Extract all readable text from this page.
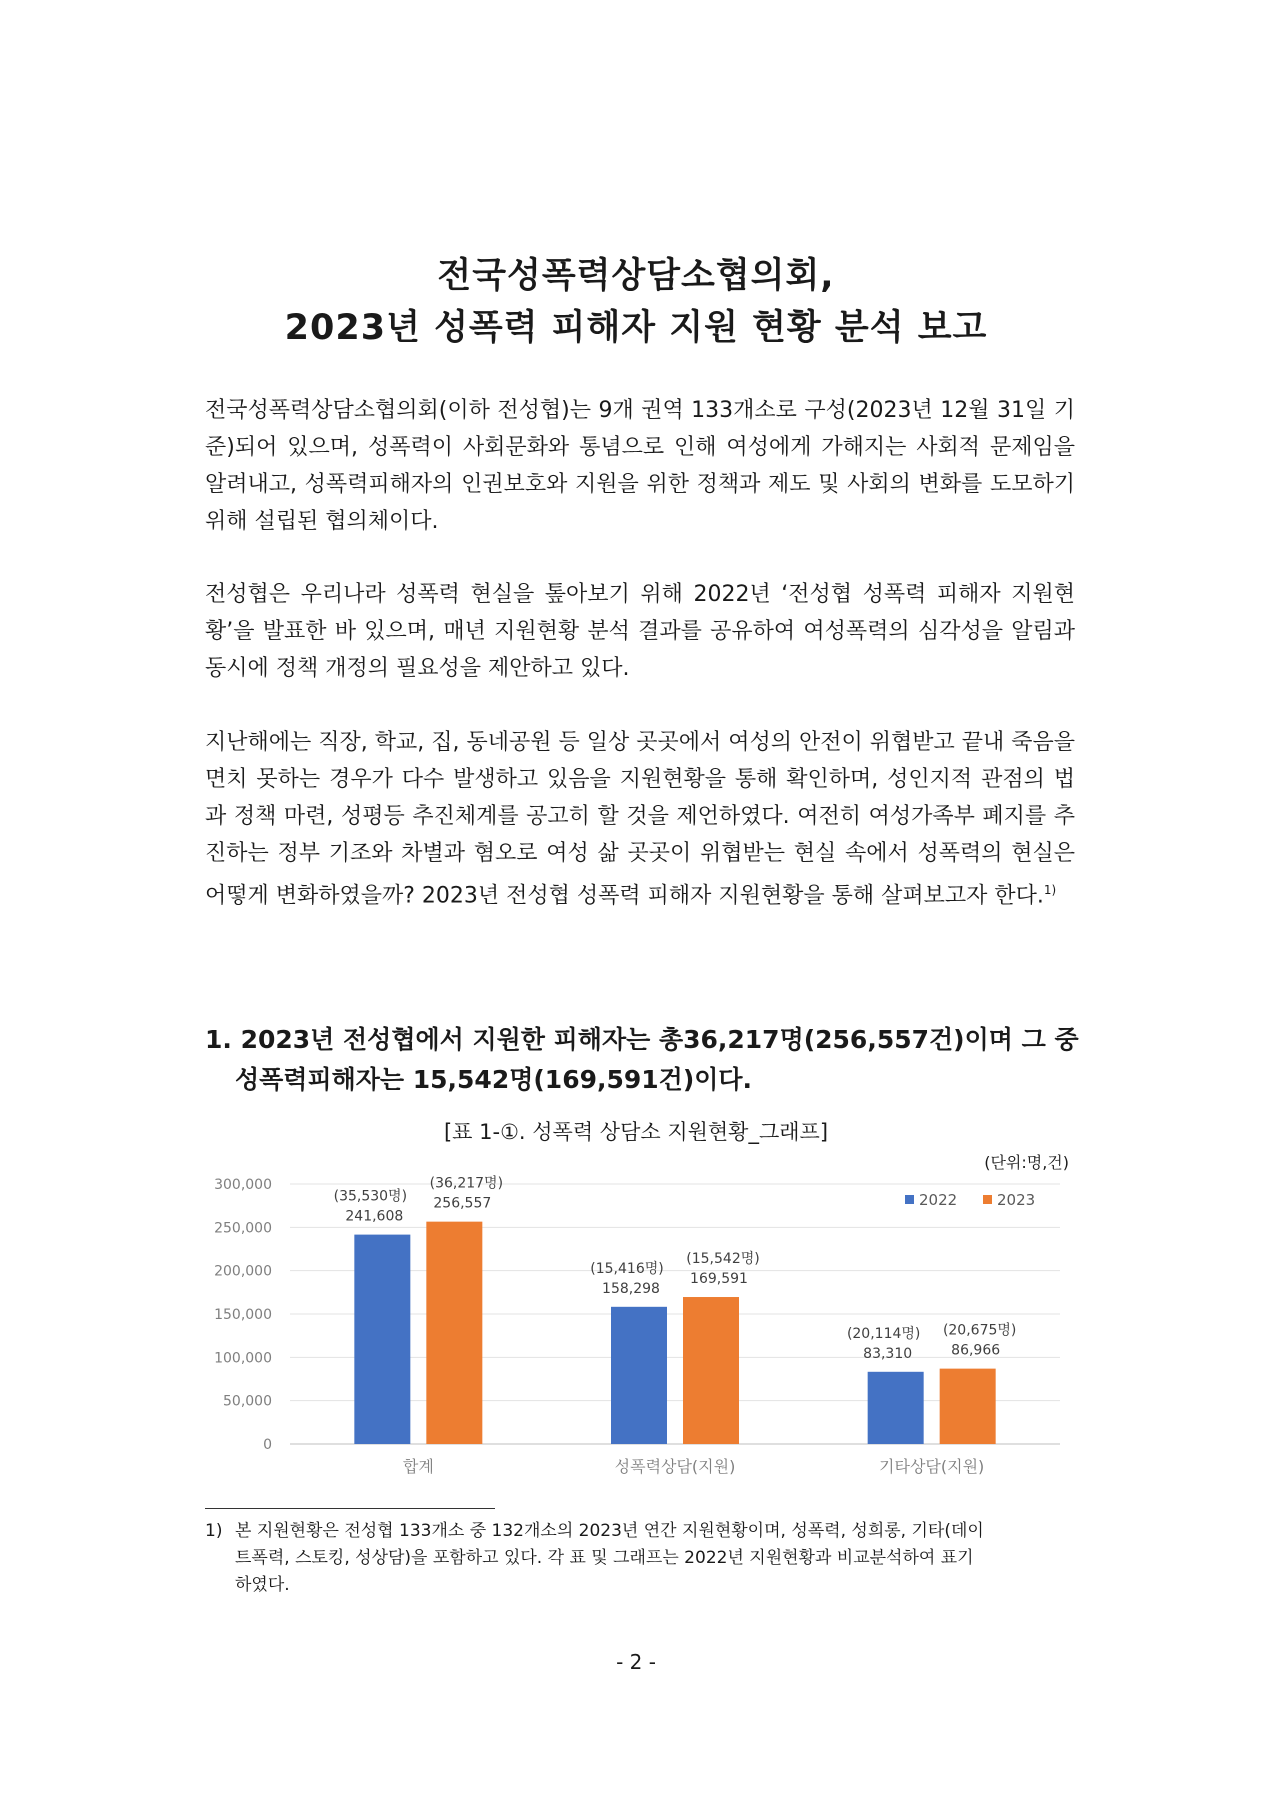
전국성폭력상담소협의회,
2023년 성폭력 피해자 지원 현황 분석 보고
전국성폭력상담소협의회(이하 전성협)는 9개 권역 133개소로 구성(2023년 12월 31일 기준)되어 있으며, 성폭력이 사회문화와 통념으로 인해 여성에게 가해지는 사회적 문제임을 알려내고, 성폭력피해자의 인권보호와 지원을 위한 정책과 제도 및 사회의 변화를 도모하기 위해 설립된 협의체이다.
전성협은 우리나라 성폭력 현실을 톺아보기 위해 2022년 ‘전성협 성폭력 피해자 지원현황’을 발표한 바 있으며, 매년 지원현황 분석 결과를 공유하여 여성폭력의 심각성을 알림과 동시에 정책 개정의 필요성을 제안하고 있다.
지난해에는 직장, 학교, 집, 동네공원 등 일상 곳곳에서 여성의 안전이 위협받고 끝내 죽음을 면치 못하는 경우가 다수 발생하고 있음을 지원현황을 통해 확인하며, 성인지적 관점의 법과 정책 마련, 성평등 추진체계를 공고히 할 것을 제언하였다. 여전히 여성가족부 폐지를 추진하는 정부 기조와 차별과 혐오로 여성 삶 곳곳이 위협받는 현실 속에서 성폭력의 현실은 어떻게 변화하였을까? 2023년 전성협 성폭력 피해자 지원현황을 통해 살펴보고자 한다.$^{1)}$
1. 2023년 전성협에서 지원한 피해자는 총36,217명(256,557건)이며 그 중
성폭력피해자는 15,542명(169,591건)이다.
[표 1-①. 성폭력 상담소 지원현황_그래프]
(단위:명,건)
0
50,000
100,000
150,000
200,000
250,000
300,000
241,608
(35,530명) 256,557
(36,217명)
합계
158,298
(15,416명)
169,591
(15,542명)
성폭력상담(지원)
83,310
(20,114명)
86,966
(20,675명)
기타상담(지원)
2022	2023
1) 본 지원현황은 전성협 133개소 중 132개소의 2023년 연간 지원현황이며, 성폭력, 성희롱, 기타(데이
트폭력, 스토킹, 성상담)을 포함하고 있다. 각 표 및 그래프는 2022년 지원현황과 비교분석하여 표기
하였다.
- 2 -
